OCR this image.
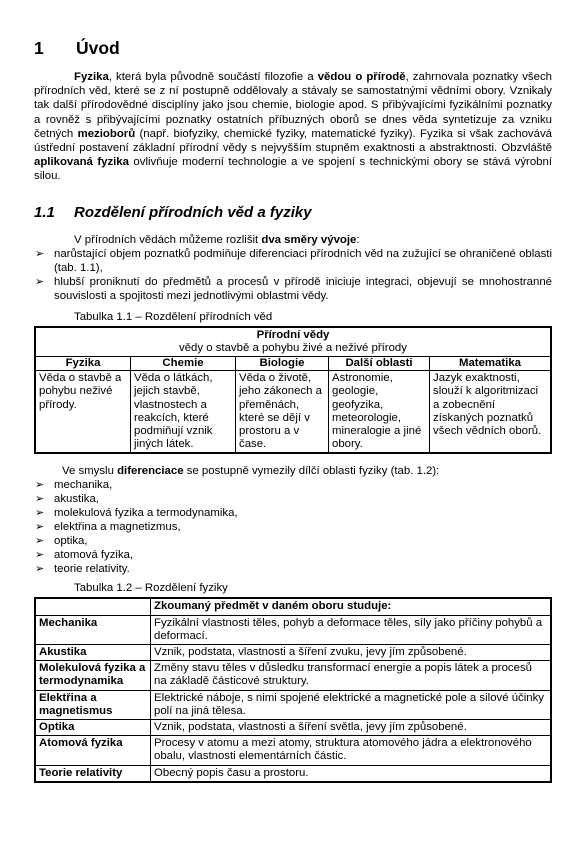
1	Úvod

Fyzika, která byla původně součástí filozofie a vědou o přírodě, zahrnovala poznatky všech přírodních věd, které se z ní postupně oddělovaly a stávaly se samostatnými vědními obory. Vznikaly tak další přírodovědné disciplíny jako jsou chemie, biologie apod. S přibývajícími fyzikálními poznatky a rovněž s přibývajícími poznatky ostatních příbuzných oborů se dnes věda syntetizuje za vzniku četných mezioborů (např. biofyziky, chemické fyziky, matematické fyziky). Fyzika si však zachovává ústřední postavení základní přírodní vědy s nejvyšším stupněm exaktnosti a abstraktnosti. Obzvláště aplikovaná fyzika ovlivňuje moderní technologie a ve spojení s technickými obory se stává výrobní silou.

1.1	Rozdělení přírodních věd a fyziky

V přírodních vědách můžeme rozlišit dva směry vývoje:

➢ narůstající objem poznatků podmiňuje diferenciaci přírodních věd na zužující se ohraničené oblasti (tab. 1.1),
➢ hlubší proniknutí do předmětů a procesů v přírodě iniciuje integraci, objevují se mnohostranné souvislosti a spojitosti mezi jednotlivými oblastmi vědy.
Tabulka 1.1 – Rozdělení přírodních věd
Přírodní vědy
vědy o stavbě a pohybu živé a neživé přírody				
Fyzika	Chemie	Biologie	Další oblasti	Matematika
Věda o stavbě a pohybu neživé přírody.	Věda o látkách, jejich stavbě, vlastnostech a reakcích, které podmiňují vznik jiných látek.	Věda o životě, jeho zákonech a přeměnách, které se dějí v prostoru a v čase.	Astronomie, geologie, geofyzika, meteorologie, mineralogie a jiné obory.	Jazyk exaktnosti, slouží k algoritmizaci a zobecnění získaných poznatků všech vědních oborů.

Ve smyslu diferenciace se postupně vymezily dílčí oblasti fyziky (tab. 1.2):

➢ mechanika,
➢ akustika,
➢ molekulová fyzika a termodynamika,
➢ elektřina a magnetizmus,
➢ optika,
➢ atomová fyzika,
➢ teorie relativity.
Tabulka 1.2 – Rozdělení fyziky
	Zkoumaný předmět v daném oboru studuje:
Mechanika	Fyzikální vlastnosti těles, pohyb a deformace těles, síly jako příčiny pohybů a deformací.
Akustika	Vznik, podstata, vlastnosti a šíření zvuku, jevy jím způsobené.
Molekulová fyzika a termodynamika	Změny stavu těles v důsledku transformací energie a popis látek a procesů na základě částicové struktury.
Elektřina a magnetismus	Elektrické náboje, s nimi spojené elektrické a magnetické pole a silové účinky polí na jiná tělesa.
Optika	Vznik, podstata, vlastnosti a šíření světla, jevy jím způsobené.
Atomová fyzika	Procesy v atomu a mezi atomy, struktura atomového jádra a elektronového obalu, vlastnosti elementárních částic.
Teorie relativity	Obecný popis času a prostoru.
